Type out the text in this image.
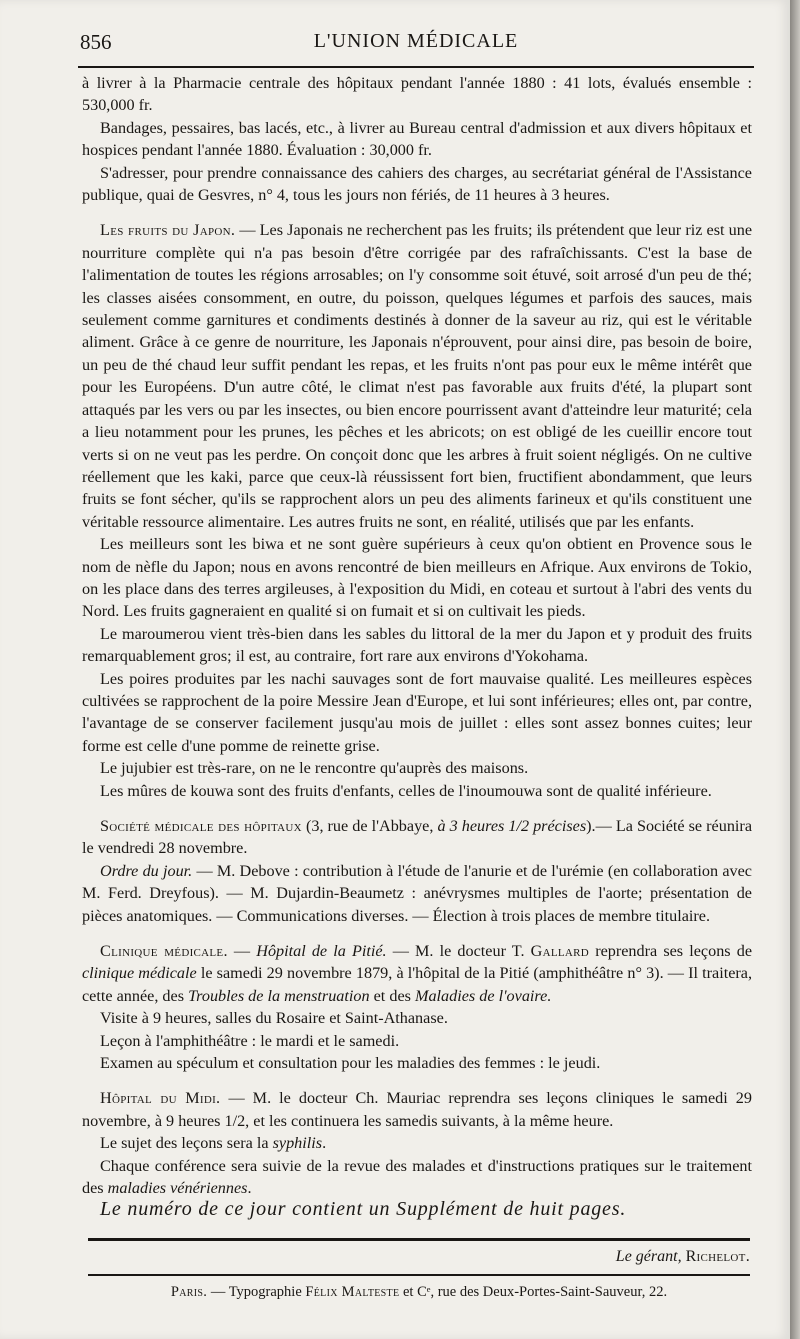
856	L'UNION MÉDICALE

à livrer à la Pharmacie centrale des hôpitaux pendant l'année 1880 : 41 lots, évalués ensemble : 530,000 fr.

Bandages, pessaires, bas lacés, etc., à livrer au Bureau central d'admission et aux divers hôpitaux et hospices pendant l'année 1880. Évaluation : 30,000 fr.

S'adresser, pour prendre connaissance des cahiers des charges, au secrétariat général de l'Assistance publique, quai de Gesvres, n° 4, tous les jours non fériés, de 11 heures à 3 heures.

Les fruits du Japon. — Les Japonais ne recherchent pas les fruits; ils prétendent que leur riz est une nourriture complète qui n'a pas besoin d'être corrigée par des rafraîchissants. C'est la base de l'alimentation de toutes les régions arrosables; on l'y consomme soit étuvé, soit arrosé d'un peu de thé; les classes aisées consomment, en outre, du poisson, quelques légumes et parfois des sauces, mais seulement comme garnitures et condiments destinés à donner de la saveur au riz, qui est le véritable aliment. Grâce à ce genre de nourriture, les Japonais n'éprouvent, pour ainsi dire, pas besoin de boire, un peu de thé chaud leur suffit pendant les repas, et les fruits n'ont pas pour eux le même intérêt que pour les Européens. D'un autre côté, le climat n'est pas favorable aux fruits d'été, la plupart sont attaqués par les vers ou par les insectes, ou bien encore pourrissent avant d'atteindre leur maturité; cela a lieu notamment pour les prunes, les pêches et les abricots; on est obligé de les cueillir encore tout verts si on ne veut pas les perdre. On conçoit donc que les arbres à fruit soient négligés. On ne cultive réellement que les kaki, parce que ceux-là réussissent fort bien, fructifient abondamment, que leurs fruits se font sécher, qu'ils se rapprochent alors un peu des aliments farineux et qu'ils constituent une véritable ressource alimentaire. Les autres fruits ne sont, en réalité, utilisés que par les enfants.

Les meilleurs sont les biwa et ne sont guère supérieurs à ceux qu'on obtient en Provence sous le nom de nèfle du Japon; nous en avons rencontré de bien meilleurs en Afrique. Aux environs de Tokio, on les place dans des terres argileuses, à l'exposition du Midi, en coteau et surtout à l'abri des vents du Nord. Les fruits gagneraient en qualité si on fumait et si on cultivait les pieds.

Le maroumerou vient très-bien dans les sables du littoral de la mer du Japon et y produit des fruits remarquablement gros; il est, au contraire, fort rare aux environs d'Yokohama.

Les poires produites par les nachi sauvages sont de fort mauvaise qualité. Les meilleures espèces cultivées se rapprochent de la poire Messire Jean d'Europe, et lui sont inférieures; elles ont, par contre, l'avantage de se conserver facilement jusqu'au mois de juillet : elles sont assez bonnes cuites; leur forme est celle d'une pomme de reinette grise.

Le jujubier est très-rare, on ne le rencontre qu'auprès des maisons.

Les mûres de kouwa sont des fruits d'enfants, celles de l'inoumouwa sont de qualité inférieure.

Société médicale des hôpitaux (3, rue de l'Abbaye, à 3 heures 1/2 précises).— La Société se réunira le vendredi 28 novembre.

Ordre du jour. — M. Debove : contribution à l'étude de l'anurie et de l'urémie (en collaboration avec M. Ferd. Dreyfous). — M. Dujardin-Beaumetz : anévrysmes multiples de l'aorte; présentation de pièces anatomiques. — Communications diverses. — Élection à trois places de membre titulaire.

Clinique médicale. — Hôpital de la Pitié. — M. le docteur T. Gallard reprendra ses leçons de clinique médicale le samedi 29 novembre 1879, à l'hôpital de la Pitié (amphithéâtre n° 3). — Il traitera, cette année, des Troubles de la menstruation et des Maladies de l'ovaire.

Visite à 9 heures, salles du Rosaire et Saint-Athanase.

Leçon à l'amphithéâtre : le mardi et le samedi.

Examen au spéculum et consultation pour les maladies des femmes : le jeudi.

Hôpital du Midi. — M. le docteur Ch. Mauriac reprendra ses leçons cliniques le samedi 29 novembre, à 9 heures 1/2, et les continuera les samedis suivants, à la même heure.

Le sujet des leçons sera la syphilis.

Chaque conférence sera suivie de la revue des malades et d'instructions pratiques sur le traitement des maladies vénériennes.

Le numéro de ce jour contient un Supplément de huit pages.
Le gérant, Richelot.
Paris. — Typographie Félix Malteste et Cᵉ, rue des Deux-Portes-Saint-Sauveur, 22.
